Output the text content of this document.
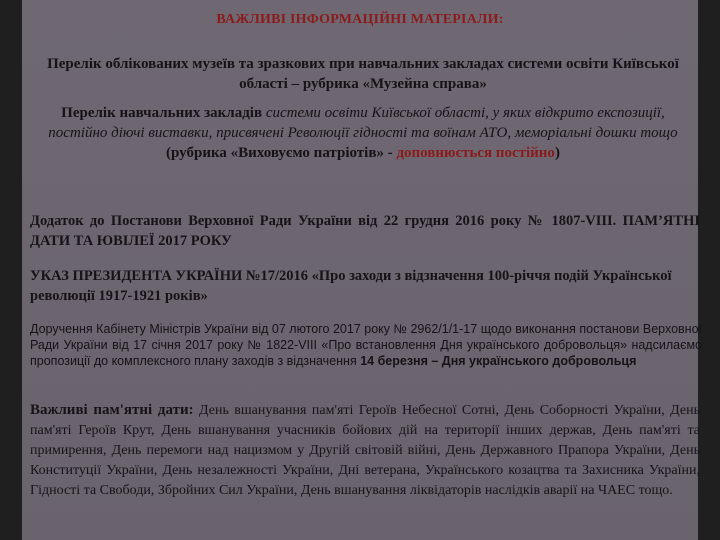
ВАЖЛИВІ ІНФОРМАЦІЙНІ МАТЕРІАЛИ:
Перелік облікованих музеїв та зразкових при навчальних закладах системи освіти Київської області – рубрика «Музейна справа»
Перелік навчальних закладів системи освіти Київської області, у яких відкрито експозиції, постійно діючі виставки, присвячені Революції гідності та воїнам АТО, меморіальні дошки тощо (рубрика «Виховуємо патріотів» - доповнюється постійно)
Додаток до Постанови Верховної Ради України від 22 грудня 2016 року № 1807-VIII. ПАМ’ЯТНІ ДАТИ ТА ЮВІЛЕЇ 2017 РОКУ
УКАЗ ПРЕЗИДЕНТА УКРАЇНИ №17/2016 «Про заходи з відзначення 100-річчя подій Української революції 1917-1921 років»
Доручення Кабінету Міністрів України від 07 лютого 2017 року № 2962/1/1-17 щодо виконання постанови Верховної Ради України від 17 січня 2017 року № 1822-VIII «Про встановлення Дня українського добровольця» надсилаємо пропозиції до комплексного плану заходів з відзначення 14 березня – Дня українського добровольця
Важливі пам'ятні дати: День вшанування пам'яті Героїв Небесної Сотні, День Соборності України, День пам'яті Героїв Крут, День вшанування учасників бойових дій на території інших держав, День пам'яті та примирення, День перемоги над нацизмом у Другій світовій війні, День Державного Прапора України, День Конституції України, День незалежності України, Дні ветерана, Українського козацтва та Захисника України, Гідності та Свободи, Збройних Сил України, День вшанування ліквідаторів наслідків аварії на ЧАЕС тощо.
